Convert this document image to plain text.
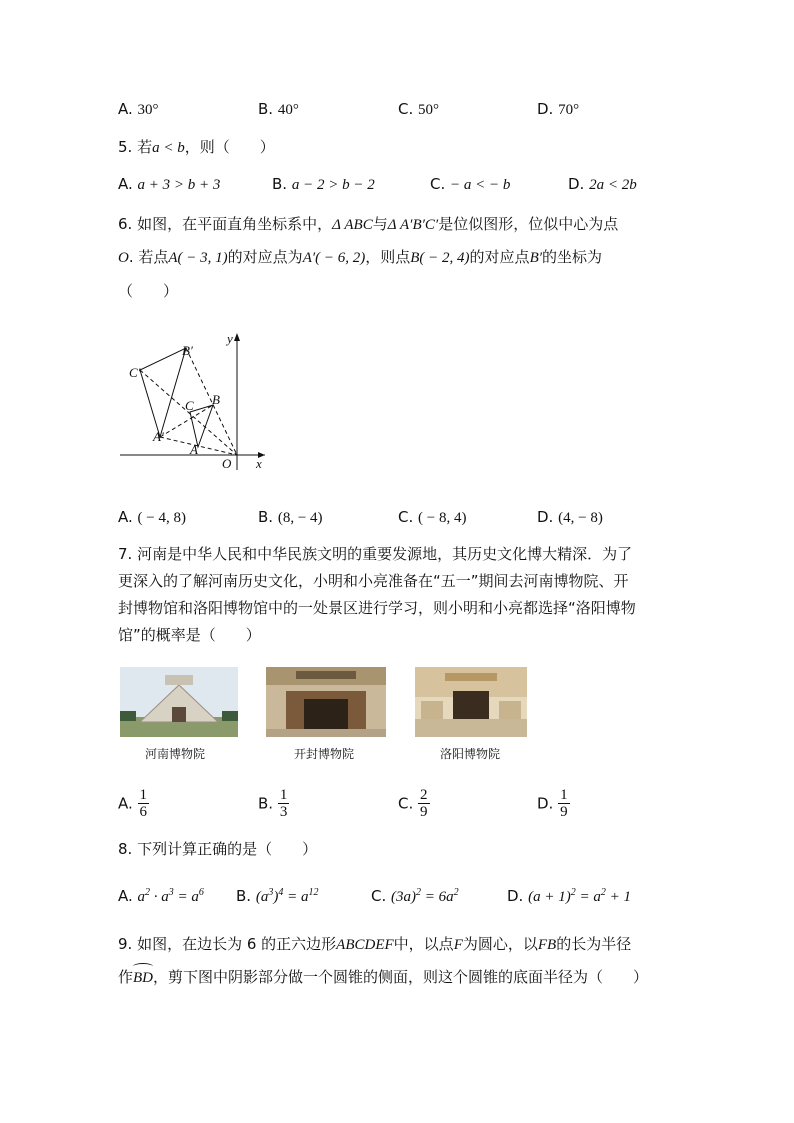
A. 30°	B. 40°	C. 50°	D. 70°
5. 若a < b，则（　　）
A. a + 3 > b + 3	B. a − 2 > b − 2	C. − a < − b	D. 2a < 2b
6. 如图，在平面直角坐标系中，Δ ABC与Δ A′B′C′是位似图形，位似中心为点
O. 若点A( − 3, 1)的对应点为A′( − 6, 2)，则点B( − 2, 4)的对应点B′的坐标为
（　　）
y
x
O
A
B
C
A′
B′
C′
A. ( − 4, 8)	B. (8, − 4)	C. ( − 8, 4)	D. (4, − 8)
7. 河南是中华人民和中华民族文明的重要发源地，其历史文化博大精深．为了
更深入的了解河南历史文化，小明和小亮准备在“五一”期间去河南博物院、开
封博物馆和洛阳博物馆中的一处景区进行学习，则小明和小亮都选择“洛阳博物
馆”的概率是（　　）
河南博物院	开封博物院	洛阳博物院
A. $\frac{1}{6}$	B. $\frac{1}{3}$	C. $\frac{2}{9}$	D. $\frac{1}{9}$
8. 下列计算正确的是（　　）
A. $a^2 \cdot a^3 = a^6$ B. $(a^3)^4 = a^{12}$	C. $(3a)^2 = 6a^2$	D. $(a + 1)^2 = a^2 + 1$
9. 如图，在边长为 6 的正六边形ABCDEF中，以点F为圆心，以FB的长为半径
作BD，剪下图中阴影部分做一个圆锥的侧面，则这个圆锥的底面半径为（　　）
